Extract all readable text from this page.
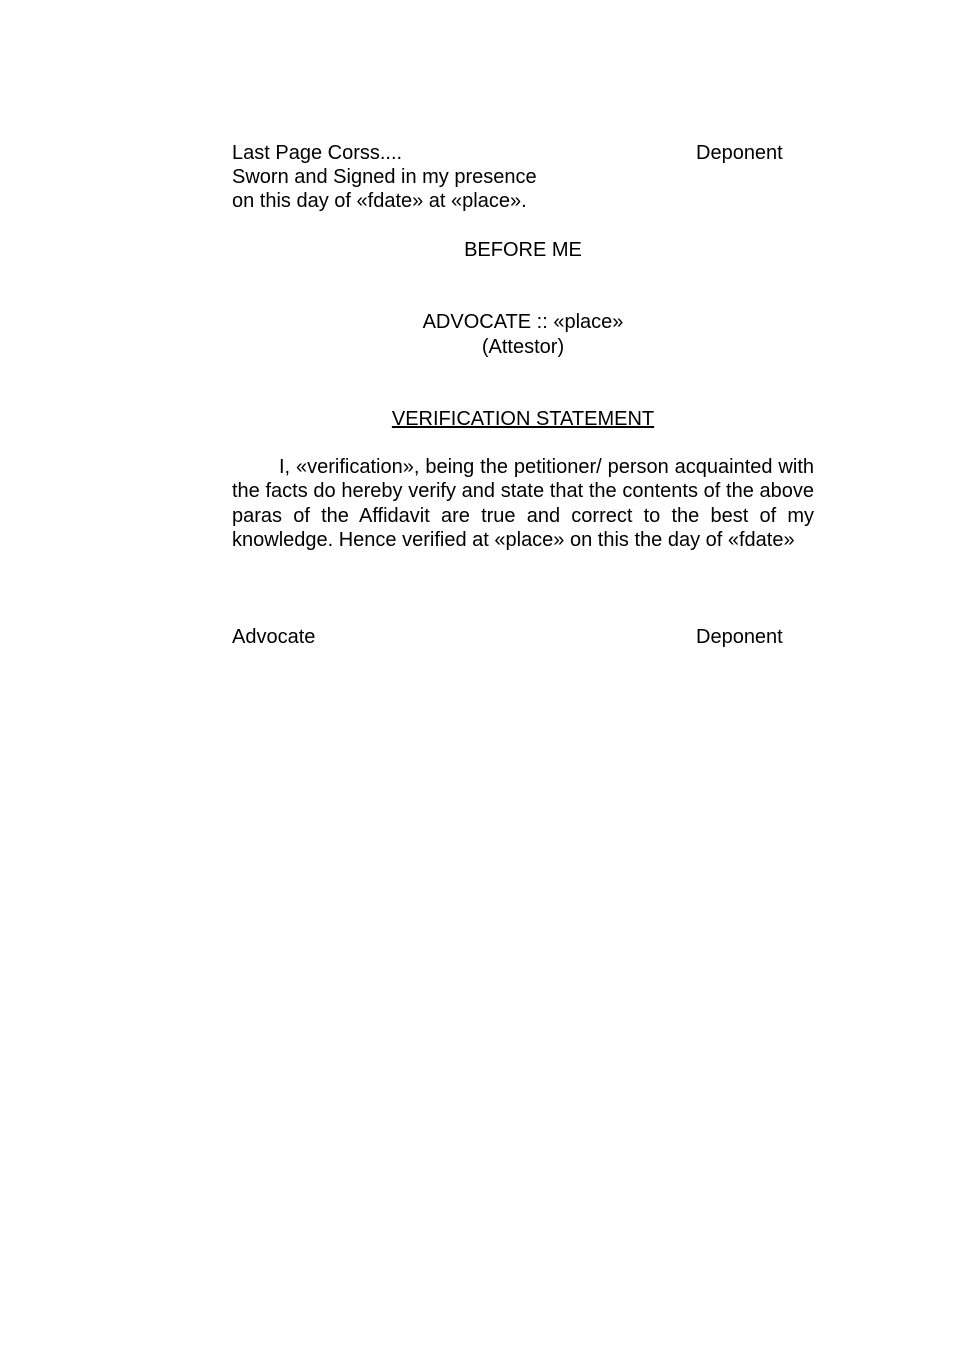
Last Page Corss....	Deponent
Sworn and Signed in my presence
on this day of «fdate» at «place».
BEFORE ME
ADVOCATE :: «place»
(Attestor)
VERIFICATION STATEMENT
I, «verification», being the petitioner/ person acquainted with the facts do hereby verify and state that the contents of the above paras of the Affidavit are true and correct to the best of my knowledge. Hence verified at «place» on this the day of «fdate»
Advocate	Deponent
